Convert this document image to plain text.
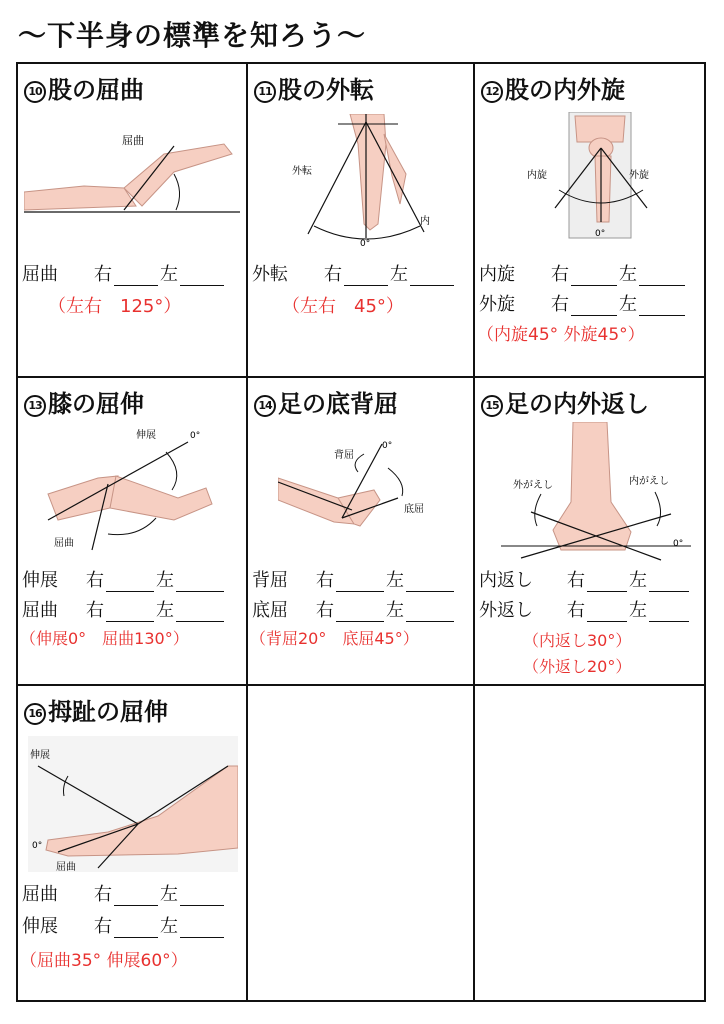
～下半身の標準を知ろう～
10 股の屈曲
屈曲
屈曲	右	左
（左右　125°）
11 股の外転
外転
内
0°
外転	右	左
（左右　45°）
12 股の内外旋
内旋	外旋
0°
内旋	右	左
外旋	右	左
（内旋45° 外旋45°）
13 膝の屈伸
伸展	0°
屈曲
伸展	右	左
屈曲	右	左
（伸展0°　屈曲130°）
14 足の底背屈
背屈
0°
底屈
背屈	右	左
底屈	右	左
（背屈20°　底屈45°）
15 足の内外返し
外がえし	内がえし
0°
内返し	右 左
外返し	右 左
（内返し30°）
（外返し20°）
16 拇趾の屈伸
伸展
0°
屈曲
屈曲	右	左
伸展	右	左
（屈曲35° 伸展60°）
